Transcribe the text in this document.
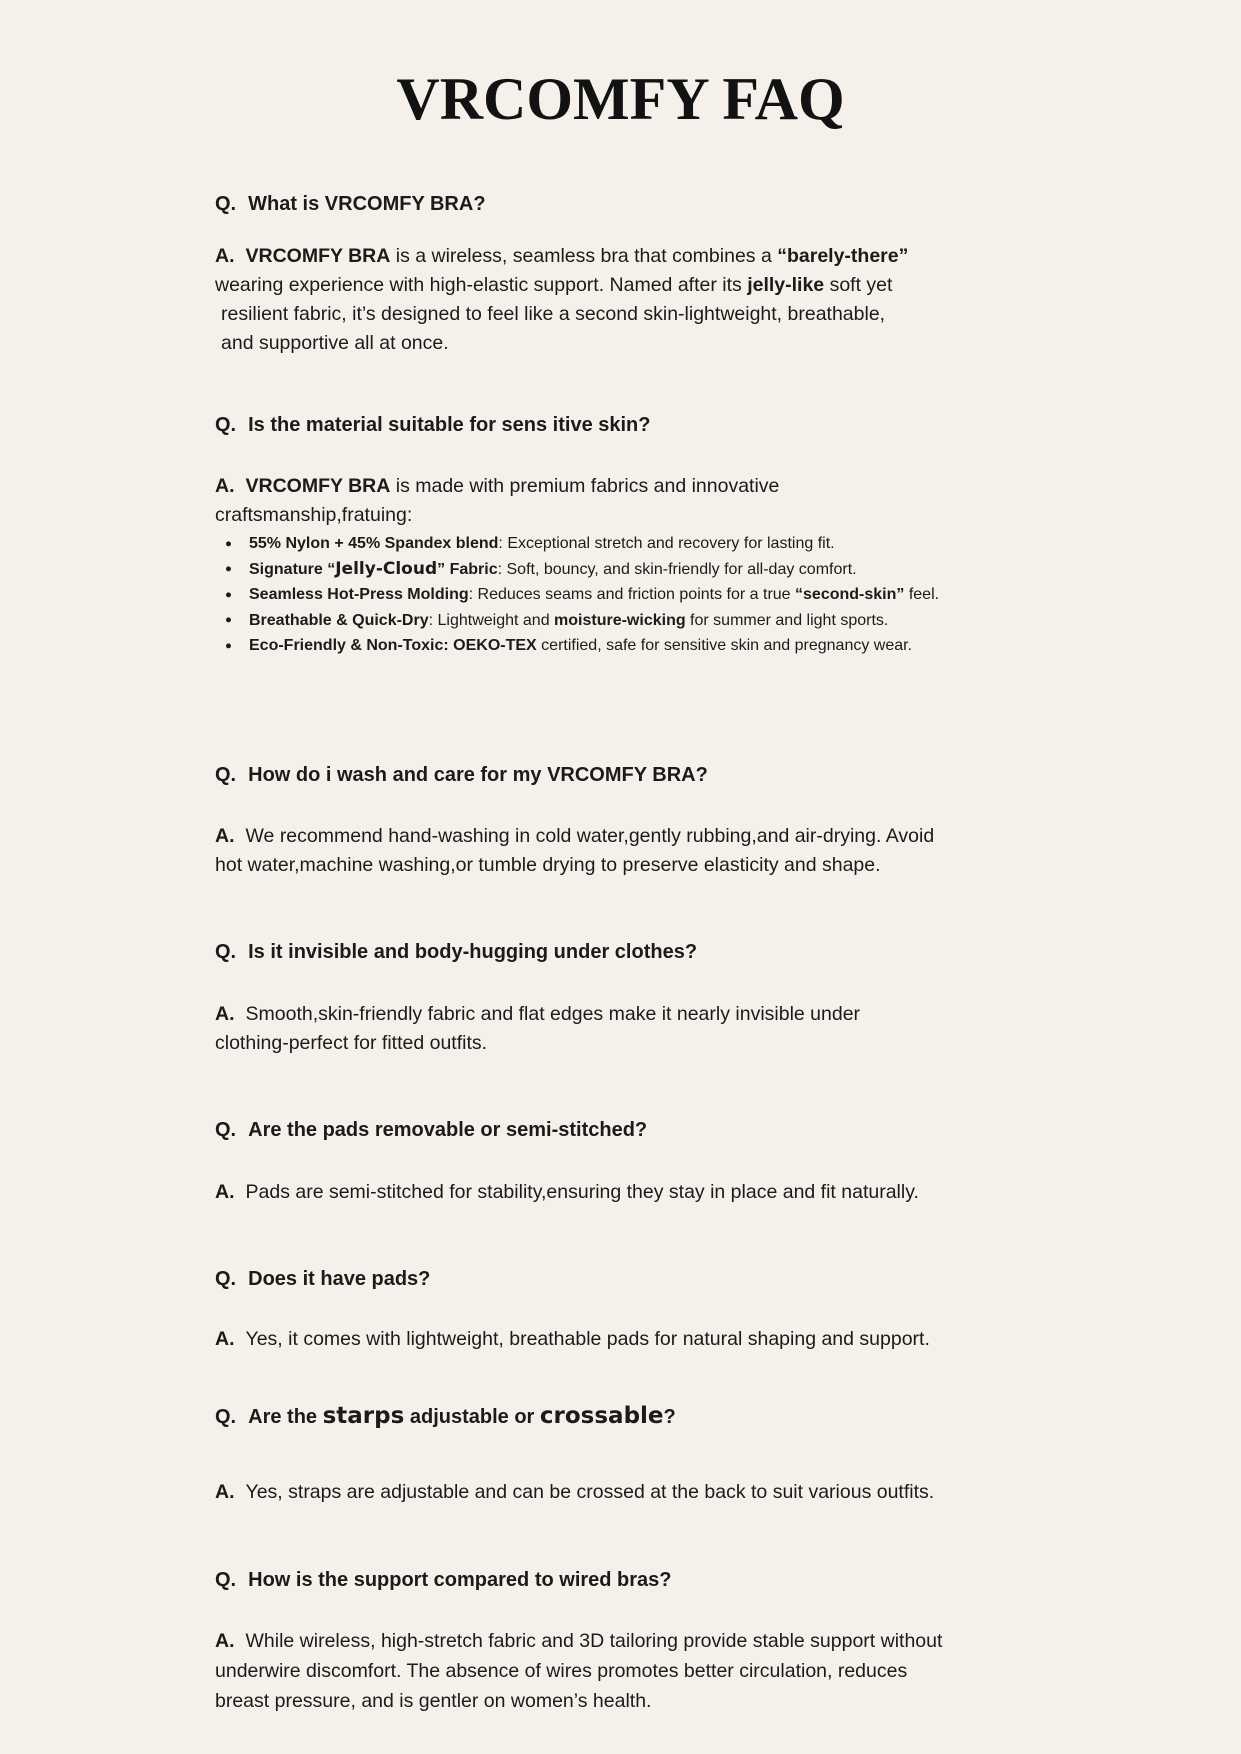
VRCOMFY FAQ
Q. What is VRCOMFY BRA?
A. VRCOMFY BRA is a wireless, seamless bra that combines a “barely-there”
wearing experience with high-elastic support. Named after its jelly-like soft yet
resilient fabric, it’s designed to feel like a second skin-lightweight, breathable,
and supportive all at once.
Q. Is the material suitable for sens itive skin?
A. VRCOMFY BRA is made with premium fabrics and innovative
craftsmanship,fratuing:
● 55% Nylon + 45% Spandex blend: Exceptional stretch and recovery for lasting fit.
● Signature “Jelly-Cloud” Fabric: Soft, bouncy, and skin-friendly for all-day comfort.
● Seamless Hot-Press Molding: Reduces seams and friction points for a true “second-skin” feel.
● Breathable & Quick-Dry: Lightweight and moisture-wicking for summer and light sports.
● Eco-Friendly & Non-Toxic: OEKO-TEX certified, safe for sensitive skin and pregnancy wear.
Q. How do i wash and care for my VRCOMFY BRA?
A. We recommend hand-washing in cold water,gently rubbing,and air-drying. Avoid
hot water,machine washing,or tumble drying to preserve elasticity and shape.
Q. Is it invisible and body-hugging under clothes?
A. Smooth,skin-friendly fabric and flat edges make it nearly invisible under
clothing-perfect for fitted outfits.
Q. Are the pads removable or semi-stitched?
A. Pads are semi-stitched for stability,ensuring they stay in place and fit naturally.
Q. Does it have pads?
A. Yes, it comes with lightweight, breathable pads for natural shaping and support.
Q. Are the starps adjustable or crossable?
A. Yes, straps are adjustable and can be crossed at the back to suit various outfits.
Q. How is the support compared to wired bras?
A. While wireless, high-stretch fabric and 3D tailoring provide stable support without
underwire discomfort. The absence of wires promotes better circulation, reduces
breast pressure, and is gentler on women’s health.
